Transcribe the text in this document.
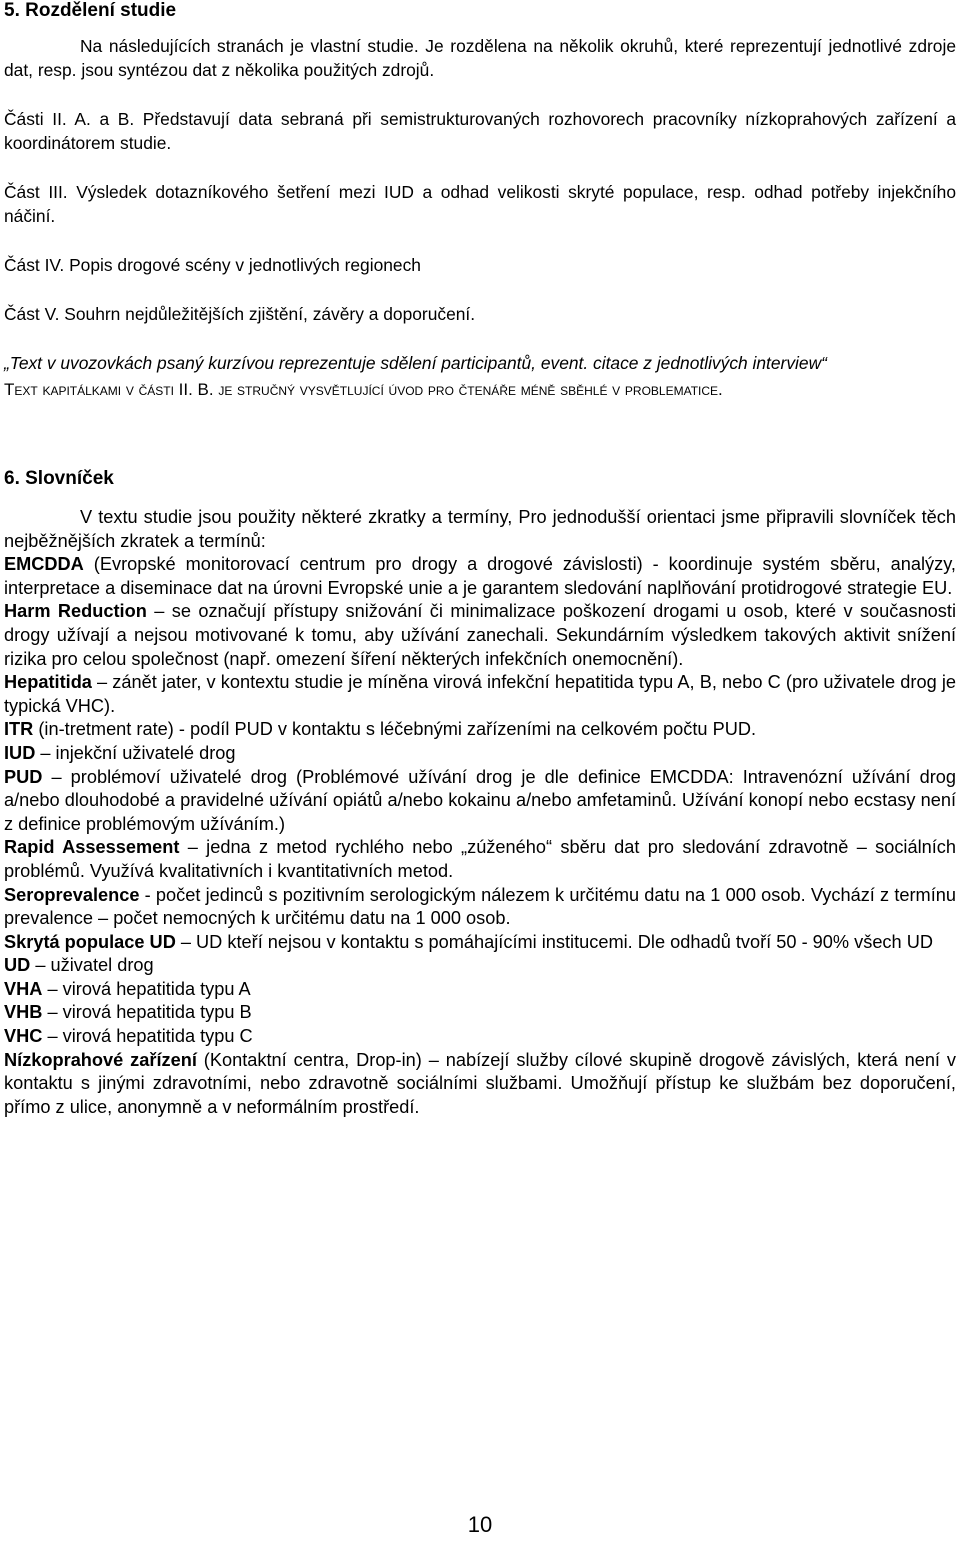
5. Rozdělení studie

Na následujících stranách je vlastní studie. Je rozdělena na několik okruhů, které reprezentují jednotlivé zdroje dat, resp. jsou syntézou dat z několika použitých zdrojů.

Části II. A. a B. Představují data sebraná při semistrukturovaných rozhovorech pracovníky nízkoprahových zařízení a koordinátorem studie.

Část III. Výsledek dotazníkového šetření mezi IUD a odhad velikosti skryté populace, resp. odhad potřeby injekčního náčiní.

Část IV. Popis drogové scény v jednotlivých regionech

Část V. Souhrn nejdůležitějších zjištění, závěry a doporučení.

„Text v uvozovkách psaný kurzívou reprezentuje sdělení participantů, event. citace z jednotlivých interview“

Text kapitálkami v části II. B. je stručný vysvětlující úvod pro čtenáře méně sběhlé v problematice.

6. Slovníček

V textu studie jsou použity některé zkratky a termíny, Pro jednodušší orientaci jsme připravili slovníček těch nejběžnějších zkratek a termínů:

EMCDDA (Evropské monitorovací centrum pro drogy a drogové závislosti) - koordinuje systém sběru, analýzy, interpretace a diseminace dat na úrovni Evropské unie a je garantem sledování naplňování protidrogové strategie EU.

Harm Reduction – se označují přístupy snižování či minimalizace poškození drogami u osob, které v současnosti drogy užívají a nejsou motivované k tomu, aby užívání zanechali. Sekundárním výsledkem takových aktivit snížení rizika pro celou společnost (např. omezení šíření některých infekčních onemocnění).

Hepatitida – zánět jater, v kontextu studie je míněna virová infekční hepatitida typu A, B, nebo C (pro uživatele drog je typická VHC).

ITR (in-tretment rate) - podíl PUD v kontaktu s léčebnými zařízeními na celkovém počtu PUD.

IUD – injekční uživatelé drog

PUD – problémoví uživatelé drog (Problémové užívání drog je dle definice EMCDDA: Intravenózní užívání drog a/nebo dlouhodobé a pravidelné užívání opiátů a/nebo kokainu a/nebo amfetaminů. Užívání konopí nebo ecstasy není z definice problémovým užíváním.)

Rapid Assessement – jedna z metod rychlého nebo „zúženého“ sběru dat pro sledování zdravotně – sociálních problémů. Využívá kvalitativních i kvantitativních metod.

Seroprevalence - počet jedinců s pozitivním serologickým nálezem k určitému datu na 1 000 osob. Vychází z termínu prevalence – počet nemocných k určitému datu na 1 000 osob.

Skrytá populace UD – UD kteří nejsou v kontaktu s pomáhajícími institucemi. Dle odhadů tvoří 50 - 90% všech UD

UD – uživatel drog

VHA – virová hepatitida typu A

VHB – virová hepatitida typu B

VHC – virová hepatitida typu C

Nízkoprahové zařízení (Kontaktní centra, Drop-in) – nabízejí služby cílové skupině drogově závislých, která není v kontaktu s jinými zdravotními, nebo zdravotně sociálními službami. Umožňují přístup ke službám bez doporučení, přímo z ulice, anonymně a v neformálním prostředí.

10
